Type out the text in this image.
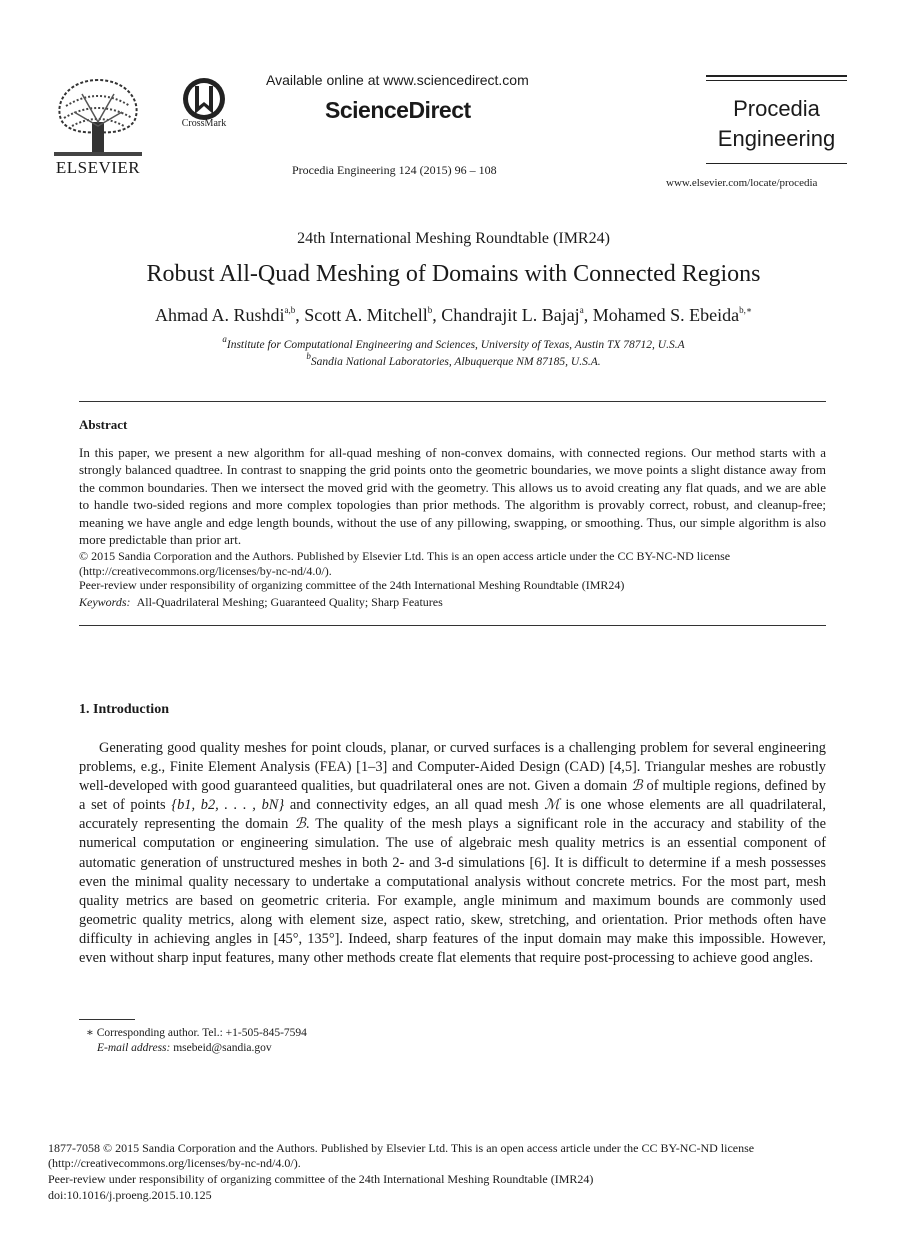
ELSEVIER
CrossMark
Available online at www.sciencedirect.com
ScienceDirect
Procedia Engineering 124 (2015) 96 – 108
Procedia
Engineering
www.elsevier.com/locate/procedia
24th International Meshing Roundtable (IMR24)
Robust All-Quad Meshing of Domains with Connected Regions
Ahmad A. Rushdi$^{a,b}$, Scott A. Mitchell$^b$, Chandrajit L. Bajaj$^a$, Mohamed S. Ebeida$^{b,∗}$
$^a$Institute for Computational Engineering and Sciences, University of Texas, Austin TX 78712, U.S.A
$^b$Sandia National Laboratories, Albuquerque NM 87185, U.S.A.
Abstract
In this paper, we present a new algorithm for all-quad meshing of non-convex domains, with connected regions. Our method starts with a strongly balanced quadtree. In contrast to snapping the grid points onto the geometric boundaries, we move points a slight distance away from the common boundaries. Then we intersect the moved grid with the geometry. This allows us to avoid creating any flat quads, and we are able to handle two-sided regions and more complex topologies than prior methods. The algorithm is provably correct, robust, and cleanup-free; meaning we have angle and edge length bounds, without the use of any pillowing, swapping, or smoothing. Thus, our simple algorithm is also more predictable than prior art.
© 2015 Sandia Corporation and the Authors. Published by Elsevier Ltd. This is an open access article under the CC BY-NC-ND license (http://creativecommons.org/licenses/by-nc-nd/4.0/).
Peer-review under responsibility of organizing committee of the 24th International Meshing Roundtable (IMR24)
Keywords: All-Quadrilateral Meshing; Guaranteed Quality; Sharp Features
1. Introduction
Generating good quality meshes for point clouds, planar, or curved surfaces is a challenging problem for several engineering problems, e.g., Finite Element Analysis (FEA) [1–3] and Computer-Aided Design (CAD) [4,5]. Triangular meshes are robustly well-developed with good guaranteed qualities, but quadrilateral ones are not. Given a domain ℬ of multiple regions, defined by a set of points {b1, b2, . . . , bN} and connectivity edges, an all quad mesh ℳ is one whose elements are all quadrilateral, accurately representing the domain ℬ. The quality of the mesh plays a significant role in the accuracy and stability of the numerical computation or engineering simulation. The use of algebraic mesh quality metrics is an essential component of automatic generation of unstructured meshes in both 2- and 3-d simulations [6]. It is difficult to determine if a mesh possesses even the minimal quality necessary to undertake a computational analysis without concrete metrics. For the most part, mesh quality metrics are based on geometric criteria. For example, angle minimum and maximum bounds are commonly used geometric quality metrics, along with element size, aspect ratio, skew, stretching, and orientation. Prior methods often have difficulty in achieving angles in [45°, 135°]. Indeed, sharp features of the input domain may make this impossible. However, even without sharp input features, many other methods create flat elements that require post-processing to achieve good angles.
∗ Corresponding author. Tel.: +1-505-845-7594
E-mail address: msebeid@sandia.gov
1877-7058 © 2015 Sandia Corporation and the Authors. Published by Elsevier Ltd. This is an open access article under the CC BY-NC-ND license (http://creativecommons.org/licenses/by-nc-nd/4.0/).
Peer-review under responsibility of organizing committee of the 24th International Meshing Roundtable (IMR24)
doi:10.1016/j.proeng.2015.10.125
